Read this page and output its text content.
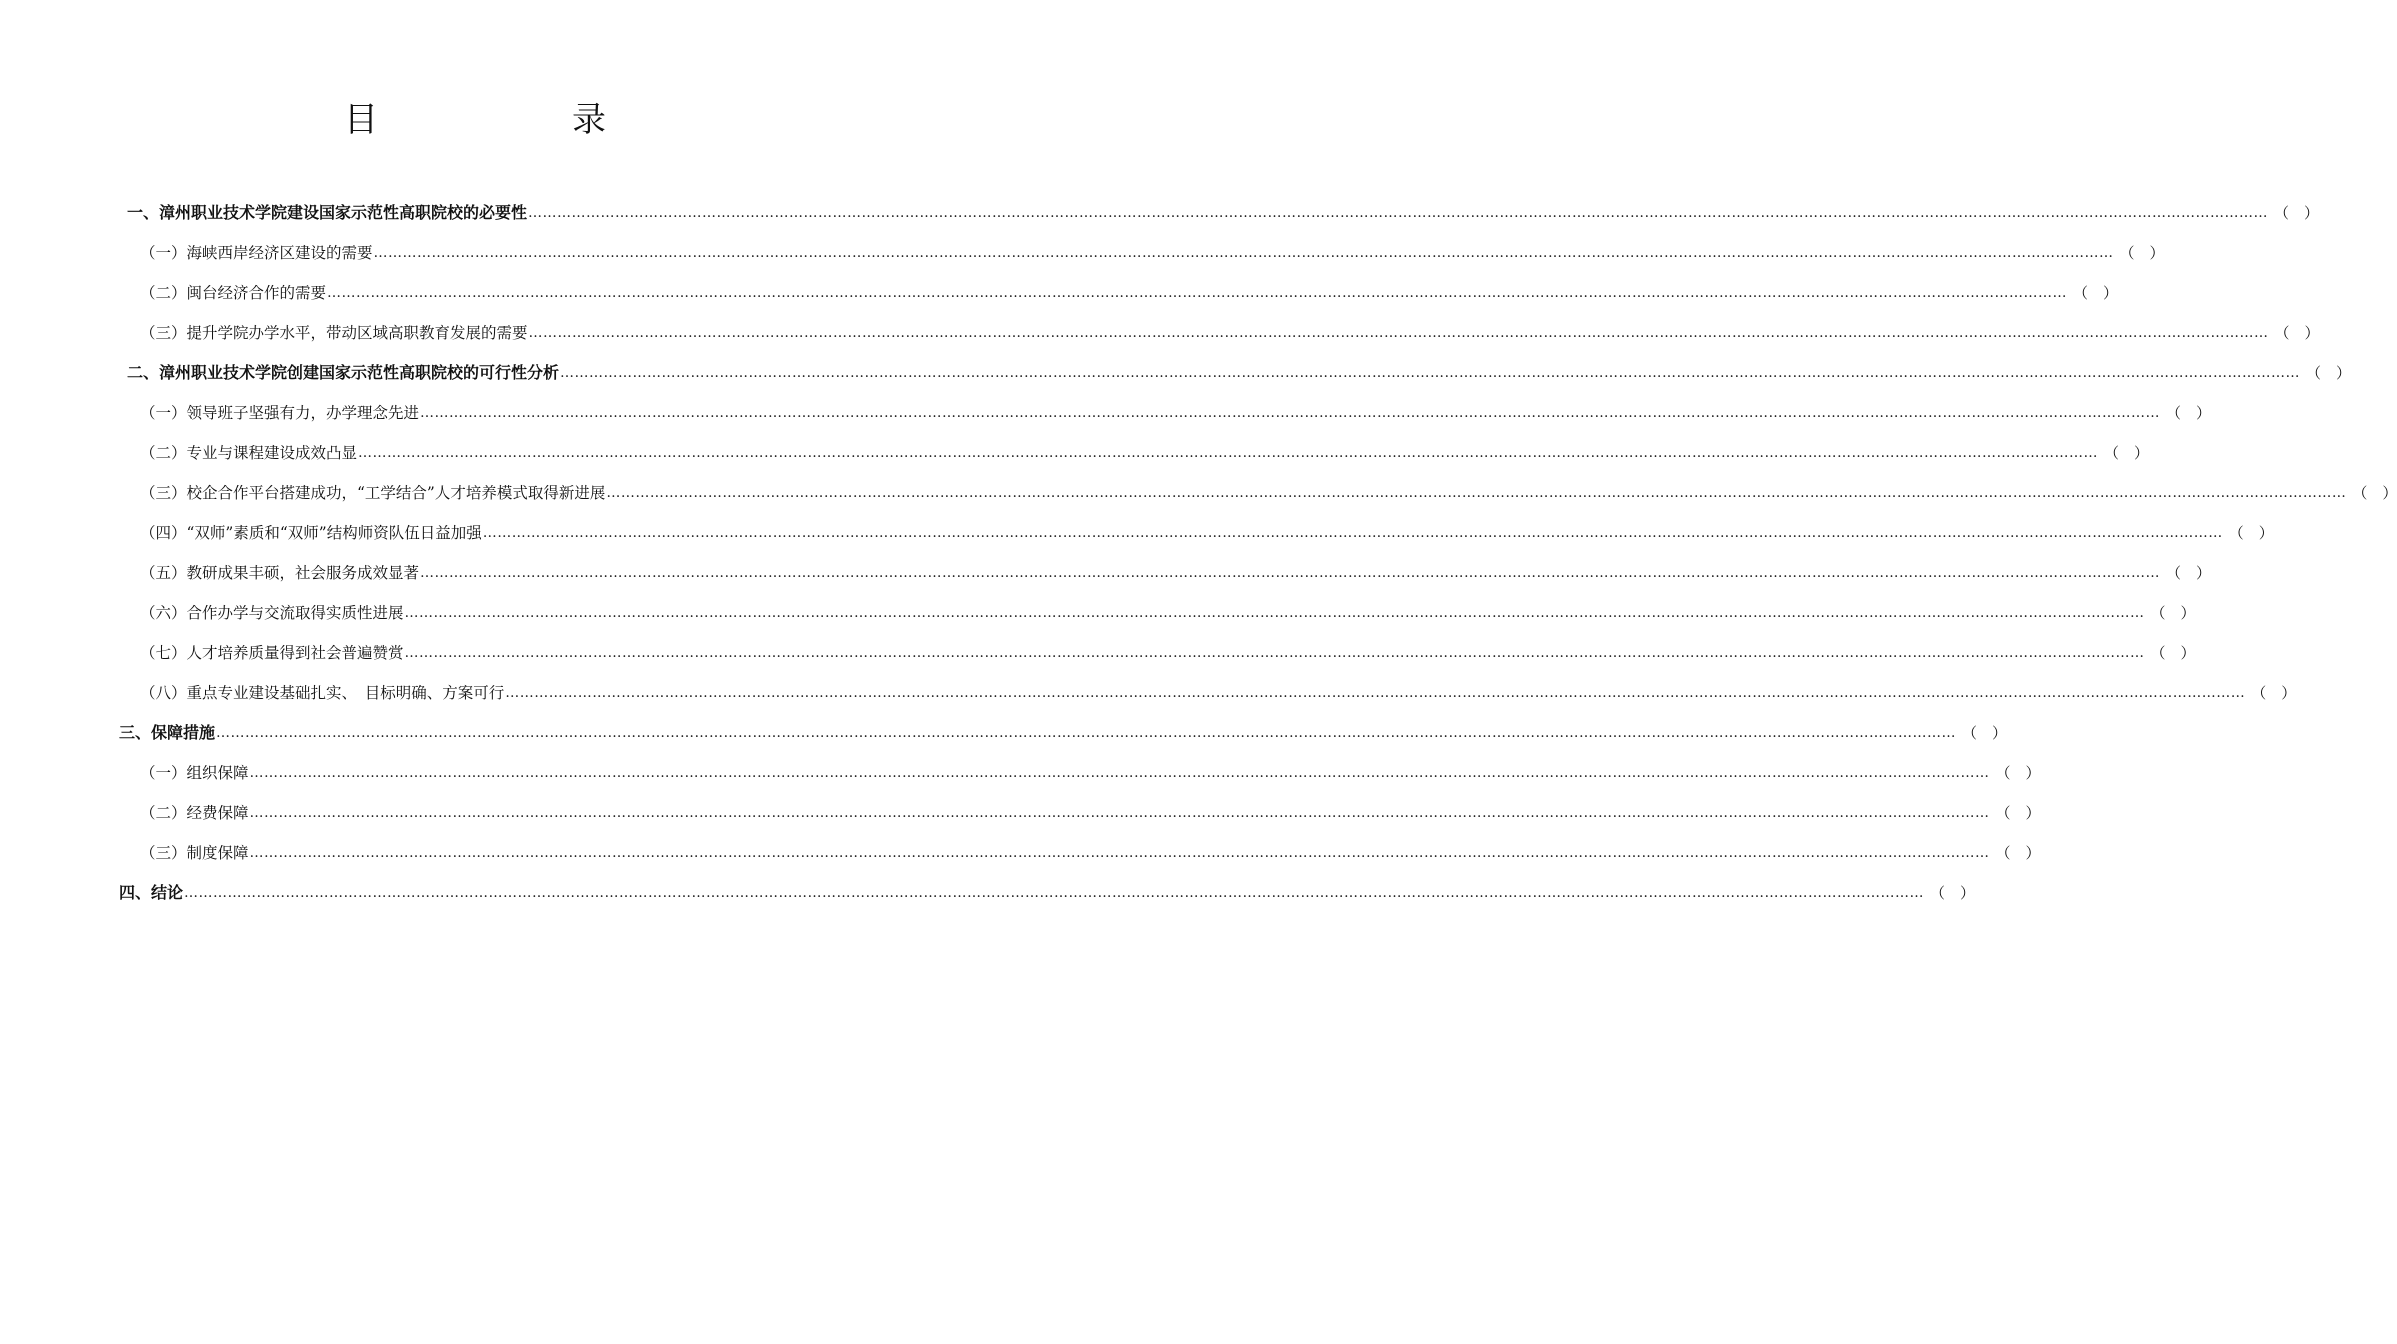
目　录
一、漳州职业技术学院建设国家示范性高职院校的必要性 ……………………………………………………………………………………………………………………………………………………………………………………………………………………………………………………………………………………………………………………………… （　）
（一）海峡西岸经济区建设的需要 ……………………………………………………………………………………………………………………………………………………………………………………………………………………………………………………………………………………………………………………………… （　）
（二）闽台经济合作的需要 ……………………………………………………………………………………………………………………………………………………………………………………………………………………………………………………………………………………………………………………………… （　）
（三）提升学院办学水平，带动区域高职教育发展的需要 ……………………………………………………………………………………………………………………………………………………………………………………………………………………………………………………………………………………………………………………………… （　）
二、漳州职业技术学院创建国家示范性高职院校的可行性分析 ……………………………………………………………………………………………………………………………………………………………………………………………………………………………………………………………………………………………………………………………… （　）
（一）领导班子坚强有力，办学理念先进 ……………………………………………………………………………………………………………………………………………………………………………………………………………………………………………………………………………………………………………………………… （　）
（二）专业与课程建设成效凸显 ……………………………………………………………………………………………………………………………………………………………………………………………………………………………………………………………………………………………………………………………… （　）
（三）校企合作平台搭建成功，“工学结合”人才培养模式取得新进展 ……………………………………………………………………………………………………………………………………………………………………………………………………………………………………………………………………………………………………………………………… （　）
（四）“双师”素质和“双师”结构师资队伍日益加强 ……………………………………………………………………………………………………………………………………………………………………………………………………………………………………………………………………………………………………………………………… （　）
（五）教研成果丰硕，社会服务成效显著 ……………………………………………………………………………………………………………………………………………………………………………………………………………………………………………………………………………………………………………………………… （　）
（六）合作办学与交流取得实质性进展 ……………………………………………………………………………………………………………………………………………………………………………………………………………………………………………………………………………………………………………………………… （　）
（七）人才培养质量得到社会普遍赞赏 ……………………………………………………………………………………………………………………………………………………………………………………………………………………………………………………………………………………………………………………………… （　）
（八）重点专业建设基础扎实、　目标明确、方案可行 ……………………………………………………………………………………………………………………………………………………………………………………………………………………………………………………………………………………………………………………………… （　）
三、保障措施 ……………………………………………………………………………………………………………………………………………………………………………………………………………………………………………………………………………………………………………………………… （　）
（一）组织保障 ……………………………………………………………………………………………………………………………………………………………………………………………………………………………………………………………………………………………………………………………… （　）
（二）经费保障 ……………………………………………………………………………………………………………………………………………………………………………………………………………………………………………………………………………………………………………………………… （　）
（三）制度保障 ……………………………………………………………………………………………………………………………………………………………………………………………………………………………………………………………………………………………………………………………… （　）
四、结论 ……………………………………………………………………………………………………………………………………………………………………………………………………………………………………………………………………………………………………………………………… （　）
